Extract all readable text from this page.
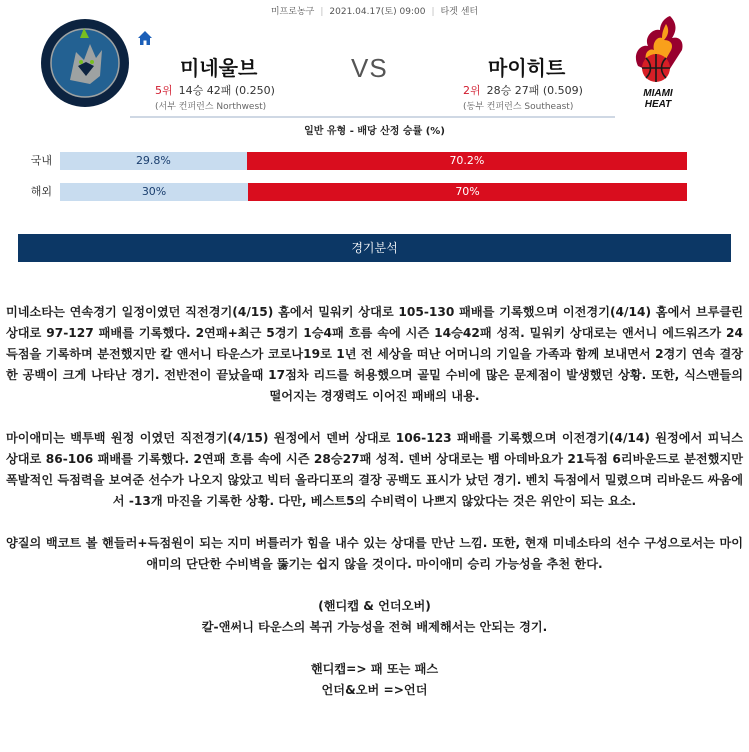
미프로농구 | 2021.04.17(토) 09:00 | 타겟 센터
미네울브	VS	마이히트
5위 14승 42패 (0.250)	2위 28승 27패 (0.509)
(서부 컨퍼런스 Northwest)	(동부 컨퍼런스 Southeast)
MIAMI
HEAT
일반 유형 - 배당 산정 승률 (%)
국내	29.8%	70.2%
해외	30%	70%
경기분석

미네소타는 연속경기 일정이였던 직전경기(4/15) 홈에서 밀워키 상대로 105-130 패배를 기록했으며 이전경기(4/14) 홈에서 브루클린 상대로 97-127 패배를 기록했다. 2연패+최근 5경기 1승4패 흐름 속에 시즌 14승42패 성적. 밀워키 상대로는 앤서니 에드워즈가 24득점을 기록하며 분전했지만 칼 앤서니 타운스가 코로나19로 1년 전 세상을 떠난 어머니의 기일을 가족과 함께 보내면서 2경기 연속 결장한 공백이 크게 나타난 경기. 전반전이 끝났을때 17점차 리드를 허용했으며 골밑 수비에 많은 문제점이 발생했던 상황. 또한, 식스맨들의 떨어지는 경쟁력도 이어진 패배의 내용.

마이애미는 백투백 원정 이였던 직전경기(4/15) 원정에서 덴버 상대로 106-123 패배를 기록했으며 이전경기(4/14) 원정에서 피닉스 상대로 86-106 패배를 기록했다. 2연패 흐름 속에 시즌 28승27패 성적. 덴버 상대로는 뱀 아데바요가 21득점 6리바운드로 분전했지만 폭발적인 득점력을 보여준 선수가 나오지 않았고 빅터 올라디포의 결장 공백도 표시가 났던 경기. 벤치 득점에서 밀렸으며 리바운드 싸움에서 -13개 마진을 기록한 상황. 다만, 베스트5의 수비력이 나쁘지 않았다는 것은 위안이 되는 요소.

양질의 백코트 볼 핸들러+득점원이 되는 지미 버틀러가 힘을 내수 있는 상대를 만난 느낌. 또한, 현재 미네소타의 선수 구성으로서는 마이애미의 단단한 수비벽을 뚫기는 쉽지 않을 것이다. 마이애미 승리 가능성을 추천 한다.

(핸디캡 & 언더오버)

칼-앤써니 타운스의 복귀 가능성을 전혀 배제해서는 안되는 경기.

핸디캡=> 패 또는 패스

언더&오버 =>언더
